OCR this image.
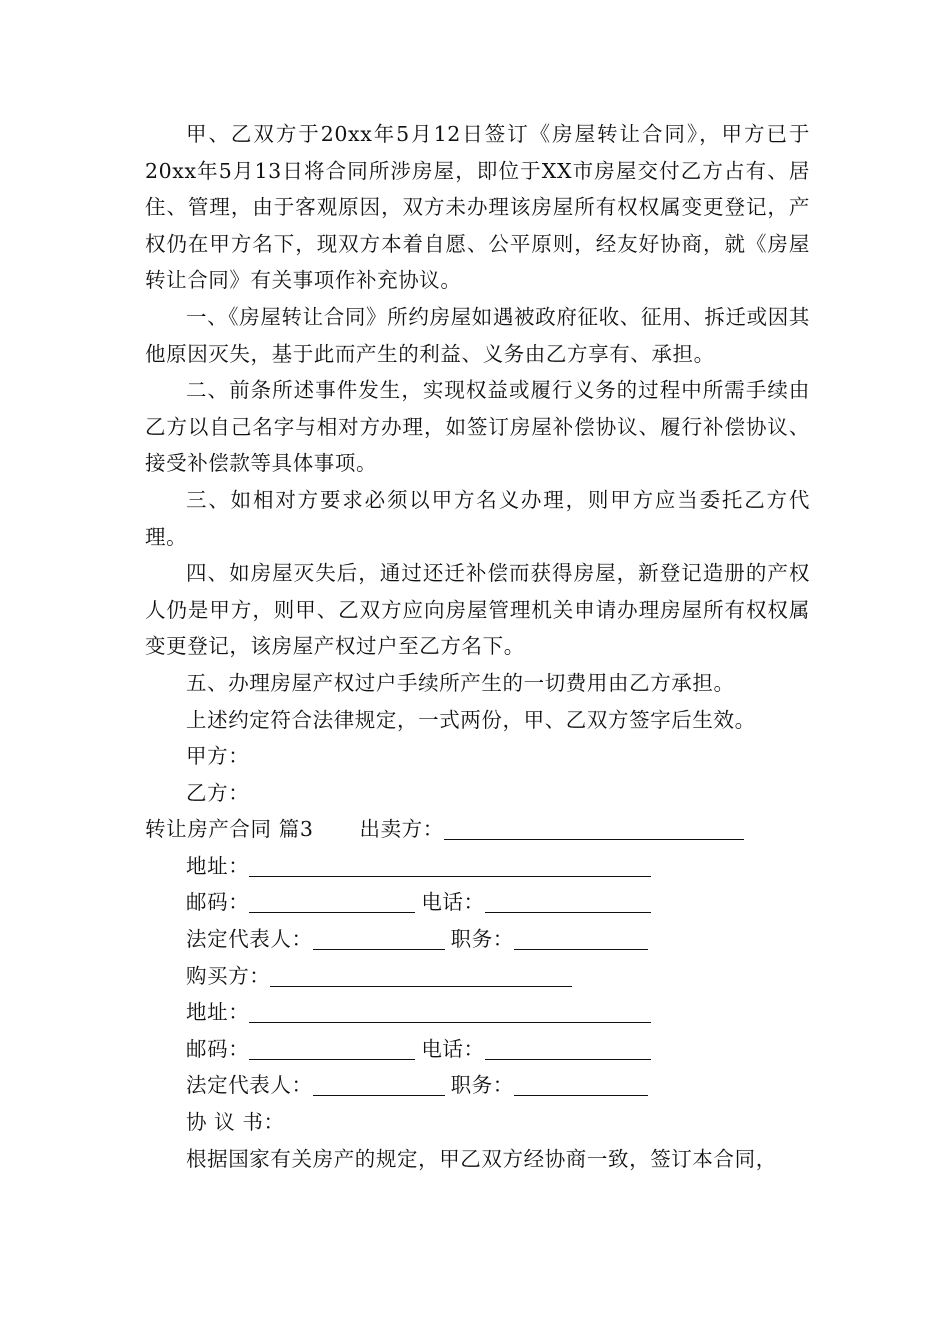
甲、乙双方于20xx年5月12日签订《房屋转让合同》，甲方已于20xx年5月13日将合同所涉房屋，即位于XX市房屋交付乙方占有、居住、管理，由于客观原因，双方未办理该房屋所有权权属变更登记，产权仍在甲方名下，现双方本着自愿、公平原则，经友好协商，就《房屋转让合同》有关事项作补充协议。

一、《房屋转让合同》所约房屋如遇被政府征收、征用、拆迁或因其他原因灭失，基于此而产生的利益、义务由乙方享有、承担。

二、前条所述事件发生，实现权益或履行义务的过程中所需手续由乙方以自己名字与相对方办理，如签订房屋补偿协议、履行补偿协议、接受补偿款等具体事项。

三、如相对方要求必须以甲方名义办理，则甲方应当委托乙方代理。

四、如房屋灭失后，通过还迁补偿而获得房屋，新登记造册的产权人仍是甲方，则甲、乙双方应向房屋管理机关申请办理房屋所有权权属变更登记，该房屋产权过户至乙方名下。

五、办理房屋产权过户手续所产生的一切费用由乙方承担。

上述约定符合法律规定，一式两份，甲、乙双方签字后生效。

甲方：

乙方：

转让房产合同 篇3 出卖方：

地址：

邮码：	电话：

法定代表人：	职务：

购买方：

地址：

邮码：	电话：

法定代表人：	职务：

协 议 书：

根据国家有关房产的规定，甲乙双方经协商一致，签订本合同，
